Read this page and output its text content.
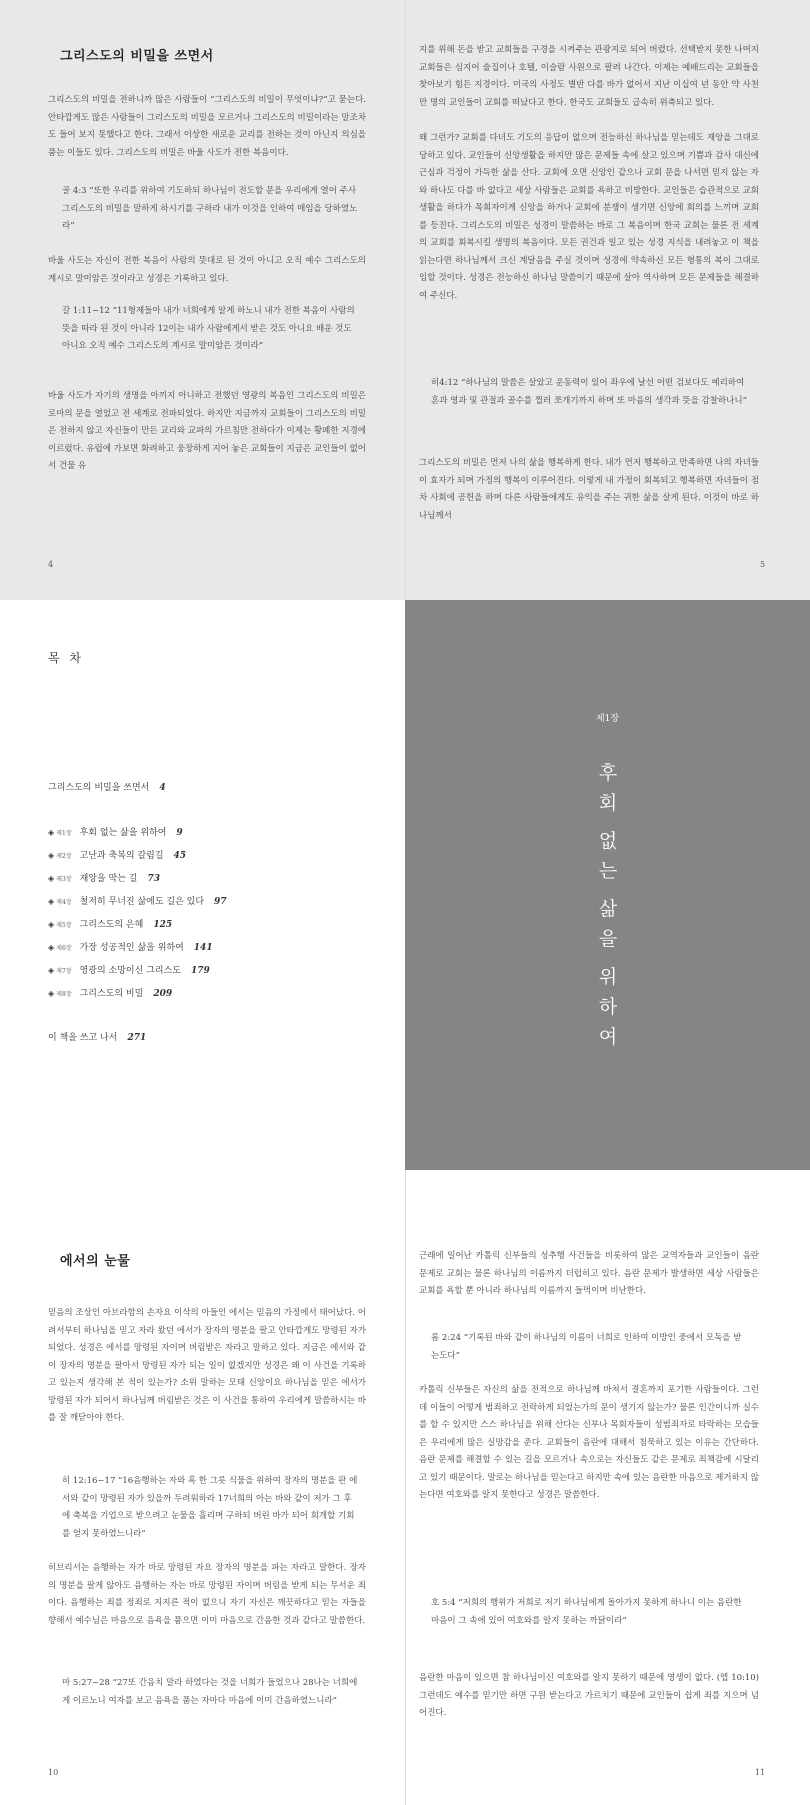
그리스도의 비밀을 쓰면서
그리스도의 비밀을 전하니까 많은 사람들이 “그리스도의 비밀이 무엇이냐?”고 묻는다. 안타깝게도 많은 사람들이 그리스도의 비밀을 모르거나 그리스도의 비밀이라는 말조차도 들어 보지 못했다고 한다. 그래서 이상한 새로운 교리를 전하는 것이 아닌지 의심을 품는 이들도 있다. 그리스도의 비밀은 바울 사도가 전한 복음이다.
골 4:3 “또한 우리를 위하여 기도하되 하나님이 전도할 문을 우리에게 열어 주사 그리스도의 비밀을 말하게 하시기를 구하라 내가 이것을 인하여 매임을 당하였노라”
바울 사도는 자신이 전한 복음이 사람의 뜻대로 된 것이 아니고 오직 예수 그리스도의 계시로 말미암은 것이라고 성경은 기록하고 있다.
갈 1:11~12 “11형제들아 내가 너희에게 알게 하노니 내가 전한 복음이 사람의 뜻을 따라 된 것이 아니라 12이는 내가 사람에게서 받은 것도 아니요 배운 것도 아니요 오직 예수 그리스도의 계시로 말미암은 것이라”
바울 사도가 자기의 생명을 아끼지 아니하고 전했던 영광의 복음인 그리스도의 비밀은 로마의 문을 열었고 전 세계로 전파되었다. 하지만 지금까지 교회들이 그리스도의 비밀은 전하지 않고 자신들이 만든 교리와 교파의 가르침만 전하다가 이제는 황폐한 지경에 이르렀다. 유럽에 가보면 화려하고 웅장하게 지어 놓은 교회들이 지금은 교인들이 없어서 건물 유
4
지를 위해 돈을 받고 교회들을 구경을 시켜주는 관광지로 되어 버렸다. 선택받지 못한 나머지 교회들은 심지어 술집이나 호텔, 이슬람 사원으로 팔려 나간다. 이제는 예배드리는 교회들을 찾아보기 힘든 지경이다. 미국의 사정도 별반 다를 바가 없어서 지난 이십여 년 동안 약 사천만 명의 교인들이 교회를 떠났다고 한다. 한국도 교회들도 급속히 위축되고 있다.
왜 그런가? 교회를 다녀도 기도의 응답이 없으며 전능하신 하나님을 믿는데도 재앙을 그대로 당하고 있다. 교인들이 신앙생활을 하지만 많은 문제들 속에 살고 있으며 기쁨과 감사 대신에 근심과 걱정이 가득한 삶을 산다. 교회에 오면 신앙인 같으나 교회 문을 나서면 믿지 않는 자와 하나도 다를 바 없다고 세상 사람들은 교회를 욕하고 비방한다. 교인들은 습관적으로 교회생활을 하다가 목회자이게 신앙을 하거나 교회에 분쟁이 생기면 신앙에 회의를 느끼며 교회를 등진다. 그리스도의 비밀은 성경이 말씀하는 바로 그 복음이며 한국 교회는 물론 전 세계의 교회를 회복시킬 생명의 복음이다. 모든 권건과 일고 있는 성경 지식을 내려놓고 이 책을 읽는다면 하나님께서 크신 계달음을 주실 것이며 성경에 약속하신 모든 형통의 복이 그대로 임할 것이다. 성경은 전능하신 하나님 말씀이기 때문에 살아 역사하며 모든 문제들을 해결하여 주신다.
히4:12 “하나님의 말씀은 살았고 운동력이 있어 좌우에 날선 어떤 검보다도 예리하여 혼과 영과 및 관절과 골수를 찔러 쪼개기까지 하며 또 마음의 생각과 뜻을 감찰하나니”
그리스도의 비밀은 먼저 나의 삶을 행복하게 한다. 내가 먼저 행복하고 만족하면 나의 자녀들이 효자가 되며 가정의 행복이 이루어진다. 이렇게 내 가정이 회복되고 행복하면 자녀들이 점차 사회에 공헌을 하며 다른 사람들에게도 유익을 주는 귀한 삶을 살게 된다. 이것이 바로 하나님께서
5
목 차
그리스도의 비밀을 쓰면서 4
◈ 제1장 후회 없는 삶을 위하여 9
◈ 제2장 고난과 축복의 갈림길 45
◈ 제3장 재앙을 막는 길 73
◈ 제4장 철저히 무너진 삶에도 길은 있다 97
◈ 제5장 그리스도의 은혜 125
◈ 제6장 가장 성공적인 삶을 위하여 141
◈ 제7장 영광의 소망이신 그리스도 179
◈ 제8장 그리스도의 비밀 209
이 책을 쓰고 나서 271
제1장
후
회
없
는
삶
을
위
하
여
에서의 눈물
믿음의 조상인 아브라함의 손자요 이삭의 아들인 에서는 믿음의 가정에서 태어났다. 어려서부터 하나님을 믿고 자라 왔던 에서가 장자의 명분을 팔고 안타깝게도 망령된 자가 되었다. 성경은 에서를 망령된 자이며 버림받은 자라고 말하고 있다. 지금은 에서와 같이 장자의 명분을 팔아서 망령된 자가 되는 일이 없겠지만 성경은 왜 이 사건을 기록하고 있는지 생각해 본 적이 있는가? 소위 말하는 모태 신앙이요 하나님을 믿은 에서가 망령된 자가 되어서 하나님께 버림받은 것은 이 사건을 통하여 우리에게 말씀하시는 바를 잘 깨닫아야 한다.
히 12:16~17 “16음행하는 자와 혹 한 그릇 식물을 위하여 장자의 명분을 판 에서와 같이 망령된 자가 있을까 두려워하라 17너희의 아는 바와 같이 저가 그 후에 축복을 기업으로 받으려고 눈물을 흘리며 구하되 버린 바가 되어 회개할 기회를 얻지 못하였느니라”
히브리서는 음행하는 자가 바로 망령된 자요 장자의 명분을 파는 자라고 말한다. 장자의 명분을 팔게 않아도 음행하는 자는 바로 망령된 자이며 버림을 받게 되는 무서운 죄이다. 음행하는 죄를 정죄로 지지른 적이 없으니 자기 자신은 깨끗하다고 믿는 자들을 향해서 예수님은 마음으로 음욕을 품으면 이미 마음으로 간음한 것과 같다고 말씀한다.
마 5:27~28 “27또 간음치 말라 하였다는 것을 너희가 들었으나 28나는 너희에게 이르노니 여자를 보고 음욕을 품는 자마다 마음에 이미 간음하였느니라”
10
근래에 일어난 카톨릭 신부들의 성추행 사건들을 비롯하여 많은 교역자들과 교인들이 음란 문제로 교회는 물론 하나님의 이름까지 더럽히고 있다. 음란 문제가 발생하면 세상 사람들은 교회를 욕할 뿐 아니라 하나님의 이름까지 들먹이며 비난한다.
롬 2:24 “기록된 바와 같이 하나님의 이름이 너희로 인하여 이방인 중에서 모독을 받는도다”
카톨릭 신부들은 자신의 삶을 전적으로 하나님께 바쳐서 결혼까지 포기한 사람들이다. 그런데 이들이 어떻게 범죄하고 전락하게 되었는가의 문이 생기지 않는가? 물론 인간이니까 실수를 할 수 있지만 스스 하나님을 위해 산다는 신부나 목회자들이 성범죄자로 타락하는 모습들은 우리에게 많은 실망감을 준다. 교회들이 음란에 대해서 침묵하고 있는 이유는 간단하다. 음란 문제를 해결할 수 있는 길을 모르거나 속으로는 자신들도 같은 문제로 죄책감에 시달리고 있기 때문이다. 말로는 하나님을 믿는다고 하지만 속에 있는 음란한 마음으로 제거하지 않는다면 여호와를 알지 못한다고 성경은 말씀한다.
호 5:4 “저희의 행위가 저희로 저기 하나님에게 돌아가지 못하게 하나니 이는 음란한 마음이 그 속에 있어 여호와를 알지 못하는 까닭이라”
음란한 마음이 있으면 참 하나님이신 여호와를 알지 못하기 때문에 영생이 없다. (엡 10:10) 그런데도 예수를 믿기만 하면 구원 받는다고 가르치기 때문에 교인들이 쉽게 죄를 지으며 넘어진다.
11
